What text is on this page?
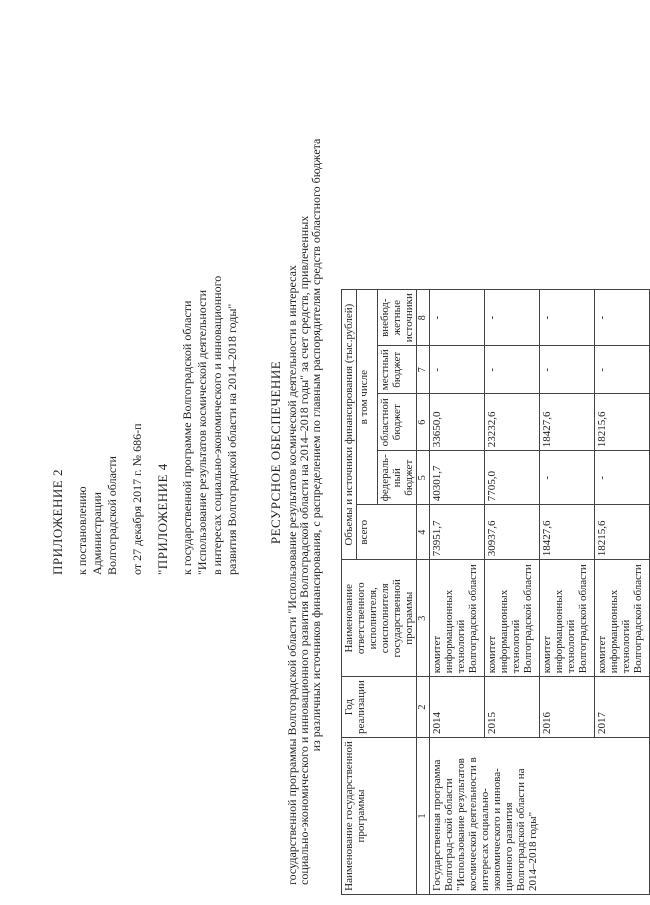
ПРИЛОЖЕНИЕ 2 к постановлению Администрации Волгоградской области от 27 декабря 2017 г. № 686-п "ПРИЛОЖЕНИЕ 4 к государственной программе Волгоградской области "Использование результатов космической деятельности в интересах социально-экономического и инновационного развития Волгоградской области на 2014–2018 годы" РЕСУРСНОЕ ОБЕСПЕЧЕНИЕ государственной программы Волгоградской области "Использование результатов космической деятельности в интересах
социально-экономического и инновационного развития Волгоградской области на 2014–2018 годы" за счет средств, привлеченных
из различных источников финансирования, с распределением по главным распорядителям средств областного бюджета
Наименование государственной программы	Год реализации	Наименование ответственного исполнителя, соисполнителя государственной программы	Объемы и источники финансирования (тыс.рублей)				
			всего	в том числе			
				федераль-ный бюджет	областной бюджет	местный бюджет	внебюд-жетные источники
1	2	3	4	5	6	7	8
Государственная программа Волгоград-ской области "Использование результатов космической деятельности в интересах социально-экономического и иннова-ционного развития Волгоградской области на 2014–2018 годы"	2014	комитет информационных технологий Волгоградской области	73951,7	40301,7	33650,0	-	-
	2015	комитет информационных технологий Волгоградской области	30937,6	7705,0	23232,6	-	-
	2016	комитет информационных технологий Волгоградской области	18427,6	-	18427,6	-	-
	2017	комитет информационных технологий Волгоградской области	18215,6	-	18215,6	-	-
